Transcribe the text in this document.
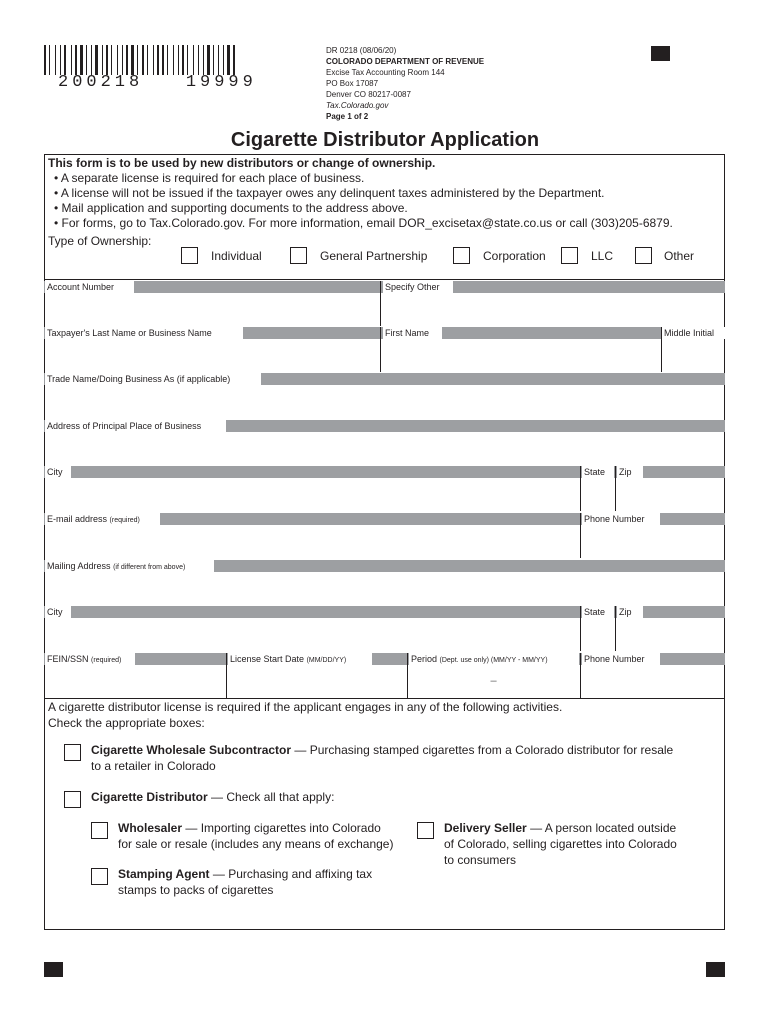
200218   19999
DR 0218 (08/06/20)
COLORADO DEPARTMENT OF REVENUE
Excise Tax Accounting Room 144
PO Box 17087
Denver CO 80217-0087
Tax.Colorado.gov
Page 1 of 2
Cigarette Distributor Application
This form is to be used by new distributors or change of ownership.
• A separate license is required for each place of business.
• A license will not be issued if the taxpayer owes any delinquent taxes administered by the Department.
• Mail application and supporting documents to the address above.
• For forms, go to Tax.Colorado.gov. For more information, email DOR_excisetax@state.co.us or call (303)205-6879.
Type of Ownership:
Individual	General Partnership	Corporation	LLC	Other
Account Number	Specify Other
Taxpayer's Last Name or Business Name	First Name	Middle Initial
Trade Name/Doing Business As (if applicable)
Address of Principal Place of Business
City	State	Zip
E-mail address (required)	Phone Number
Mailing Address (if different from above)
City	State	Zip
FEIN/SSN (required)	License Start Date (MM/DD/YY)	Period (Dept. use only) (MM/YY - MM/YY)	Phone Number
–
A cigarette distributor license is required if the applicant engages in any of the following activities.
Check the appropriate boxes:
Cigarette Wholesale Subcontractor — Purchasing stamped cigarettes from a Colorado distributor for resale
to a retailer in Colorado
Cigarette Distributor — Check all that apply:
Wholesaler — Importing cigarettes into Colorado
for sale or resale (includes any means of exchange)
Delivery Seller — A person located outside
of Colorado, selling cigarettes into Colorado
to consumers
Stamping Agent — Purchasing and affixing tax
stamps to packs of cigarettes
